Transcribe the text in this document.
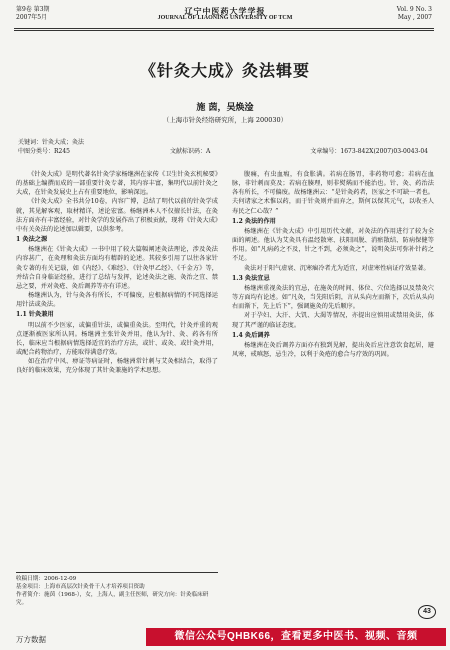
第9卷 第3期
2007年5月
辽宁中医药大学学报
JOURNAL OF LIAONING UNIVERSITY OF TCM
Vol. 9 No. 3
May , 2007
《针灸大成》灸法辑要
施 茵，吴焕淦
（上海市针灸经络研究所，上海 200030）
关键词：针灸大成；灸法
中图分类号：R245	文献标识码：A	文章编号：1673-842X(2007)03-0043-04

《针灸大成》是明代著名针灸学家杨继洲在家传《卫生针灸玄机秘要》的基础上编撰而成的一部重要针灸专著，其内容丰富，集明代以前针灸之大成，在针灸发展史上占有重要地位，影响深远。

《针灸大成》全书共分10卷，内容广博，总结了明代以前的针灸学成就，其见解客观，取材精详，述论宏富。杨继洲本人不仅擅长针法，在灸法方面亦有丰富经验，对针灸学的发展作出了积极贡献，现将《针灸大成》中有关灸法的论述加以辑要，以供参考。

1 灸法之源

杨继洲在《针灸大成》一书中用了较大篇幅阐述灸法理论，涉及灸法内容甚广，在灸理和灸法方面均有精辟的论述。其较多引用了以往各家针灸专著的有关记载，如《内经》、《难经》、《针灸甲乙经》、《千金方》等，并结合自身临证经验，进行了总结与发挥，论述灸法之施、灸治之宜、禁忌之要，并对灸疮、灸后调养等亦有详述。

杨继洲认为，针与灸各有所长，不可偏废，应根据病情的不同选择运用针法或灸法。

1.1 针灸兼用

明以前不少医家，或偏重针法，或偏重灸法。至明代，针灸并重的观点逐渐被医家所认同。杨继洲主张针灸并用，他认为针、灸、药各有所长，临床应当根据病情选择适宜的治疗方法，或针、或灸、或针灸并用，或配合药物治疗，方能取得满意疗效。

如在治疗中风、痹证等病证时，杨继洲常针刺与艾灸相结合，取得了良好的临床效果，充分体现了其针灸兼施的学术思想。

腹痛，有虫血瘕，有食胀满。若病在肠胃，非药物可愈；若病在血脉，非针刺而莫及；若病在腠理，则非熨焫而不能治也。针、灸、药治法各有所长，不可偏废。故杨继洲云：“是针灸药者，医家之不可缺一者也。夫何诸家之术惟以药，而于针灸则并而弃之，斯何以保其元气，以收圣人寿民之仁心哉？”

1.2 灸法的作用

杨继洲在《针灸大成》中引用历代文献，对灸法的作用进行了较为全面的阐述。他认为艾灸具有温经散寒、扶阳固脱、消瘀散结、防病保健等作用。如“凡病药之不及，针之不到，必须灸之”，说明灸法可弥补针药之不足。

灸法对于阳气虚衰、沉寒痼冷者尤为适宜，对虚寒性病证疗效显著。

1.3 灸法宜忌

杨继洲重视灸法的宜忌，在施灸的时间、体位、穴位选择以及禁灸穴等方面均有论述。如“凡灸，当先阳后阴，言从头向左而渐下，次后从头向右而渐下，先上后下”，强调施灸的先后顺序。

对于孕妇、大汗、大饥、大渴等情况，亦提出应慎用或禁用灸法，体现了其严谨的临证态度。

1.4 灸后调养

杨继洲在灸后调养方面亦有独到见解，提出灸后应注意饮食起居，避风寒，戒嗔怒，忌生冷，以利于灸疮的愈合与疗效的巩固。

收稿日期：2006-12-09
基金项目：上海市高层次针灸骨干人才培养项目资助
作者简介：施茵（1968-），女，上海人，副主任医师，研究方向：针灸临床研究。
43
万方数据	微信公众号QHBK66，查看更多中医书、视频、音频
